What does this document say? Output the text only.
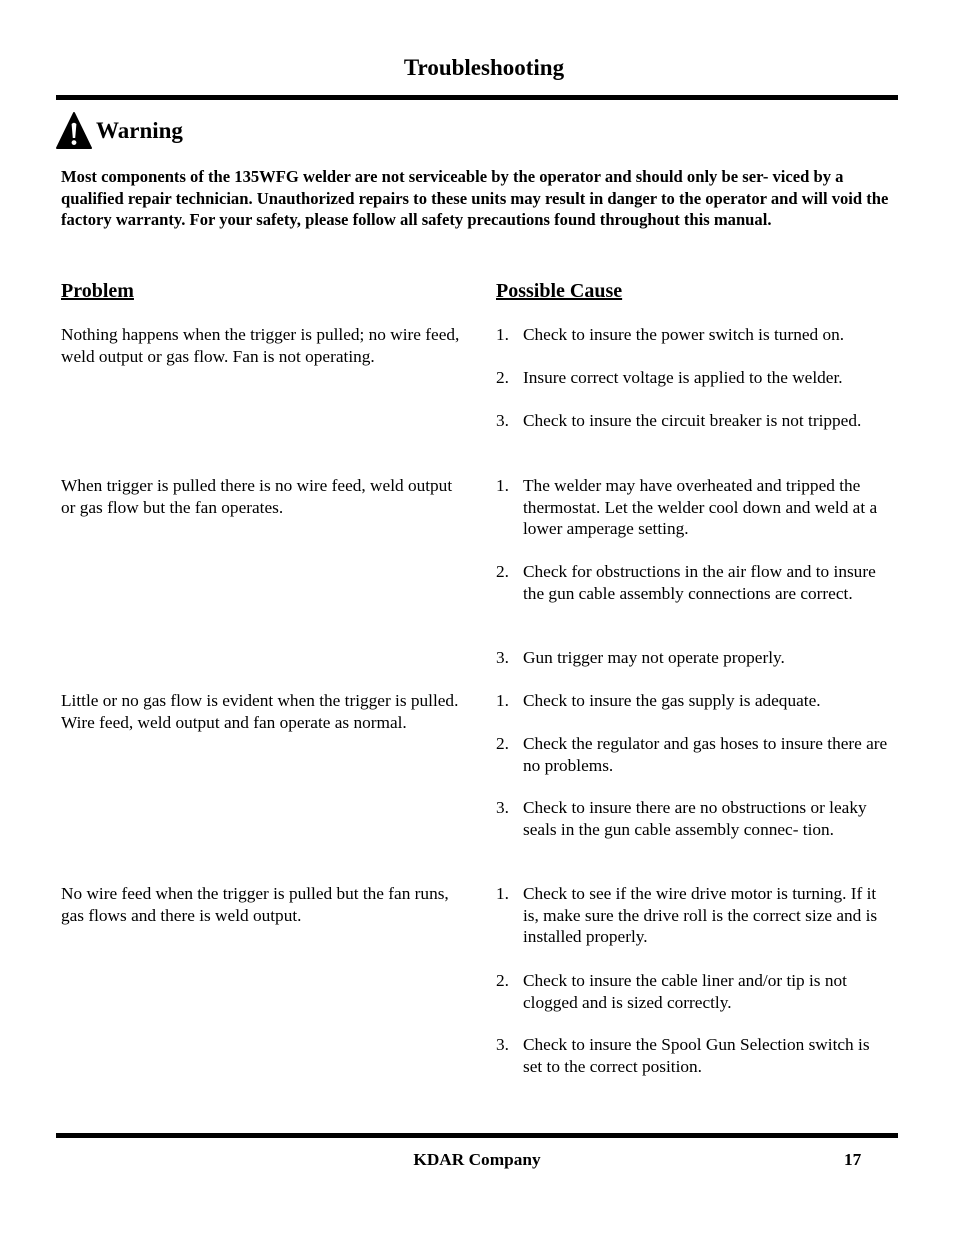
Troubleshooting
Warning
Most components of the 135WFG welder are not serviceable by the operator and should only be ser- viced by a qualified repair technician. Unauthorized repairs to these units may result in danger to the operator and will void the factory warranty. For your safety, please follow all safety precautions found throughout this manual.
Problem	Possible Cause
Nothing happens when the trigger is pulled; no wire feed, weld output or gas flow. Fan is not operating.
1. Check to insure the power switch is turned on.
2. Insure correct voltage is applied to the welder.
3. Check to insure the circuit breaker is not tripped.
When trigger is pulled there is no wire feed, weld output or gas flow but the fan operates.
1. The welder may have overheated and tripped the thermostat. Let the welder cool down and weld at a lower amperage setting.
2. Check for obstructions in the air flow and to insure the gun cable assembly connections are correct.
3. Gun trigger may not operate properly.
Little or no gas flow is evident when the trigger is pulled. Wire feed, weld output and fan operate as normal.
1. Check to insure the gas supply is adequate.
2. Check the regulator and gas hoses to insure there are no problems.
3. Check to insure there are no obstructions or leaky seals in the gun cable assembly connec- tion.
No wire feed when the trigger is pulled but the fan runs, gas flows and there is weld output.
1. Check to see if the wire drive motor is turning. If it is, make sure the drive roll is the correct size and is installed properly.
2. Check to insure the cable liner and/or tip is not clogged and is sized correctly.
3. Check to insure the Spool Gun Selection switch is set to the correct position.
KDAR Company	17
